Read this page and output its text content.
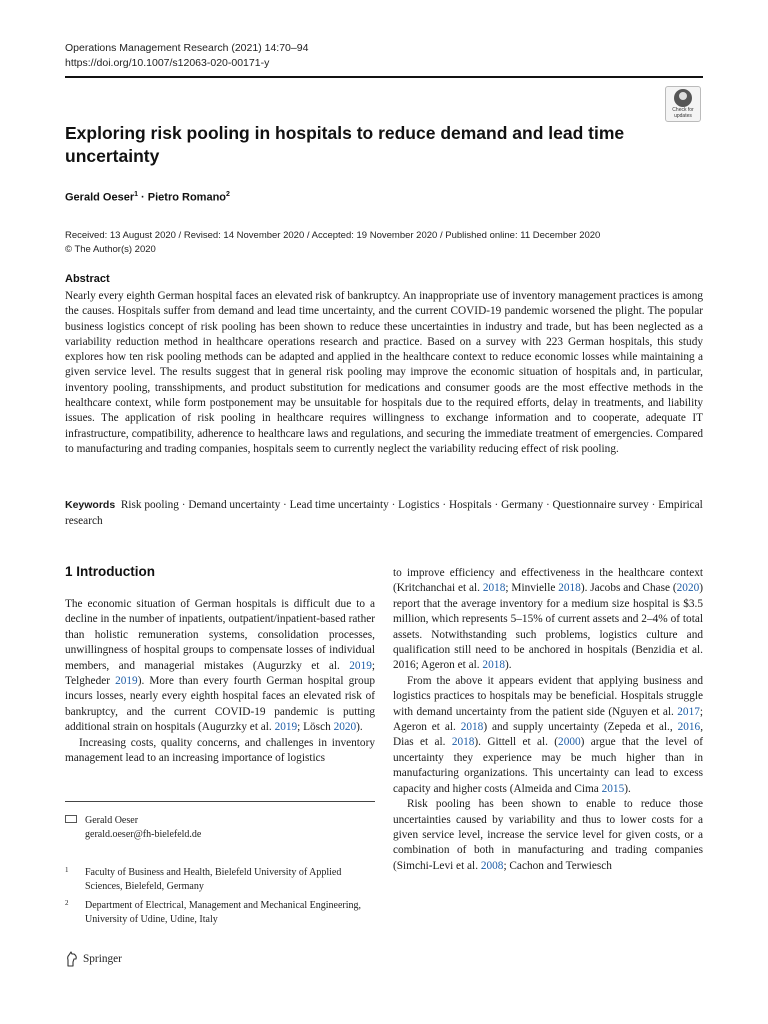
Operations Management Research (2021) 14:70–94
https://doi.org/10.1007/s12063-020-00171-y
Check for
updates
Exploring risk pooling in hospitals to reduce demand and lead time uncertainty
Gerald Oeser$^1$ · Pietro Romano$^2$
Received: 13 August 2020 / Revised: 14 November 2020 / Accepted: 19 November 2020 / Published online: 11 December 2020
© The Author(s) 2020
Abstract

Nearly every eighth German hospital faces an elevated risk of bankruptcy. An inappropriate use of inventory management practices is among the causes. Hospitals suffer from demand and lead time uncertainty, and the current COVID-19 pandemic worsened the plight. The popular business logistics concept of risk pooling has been shown to reduce these uncertainties in industry and trade, but has been neglected as a variability reduction method in healthcare operations research and practice. Based on a survey with 223 German hospitals, this study explores how ten risk pooling methods can be adapted and applied in the healthcare context to reduce economic losses while maintaining a given service level. The results suggest that in general risk pooling may improve the economic situation of hospitals and, in particular, inventory pooling, transshipments, and product substitution for medications and consumer goods are the most effective methods in the healthcare context, while form postponement may be unsuitable for hospitals due to the required efforts, delay in treatments, and liability issues. The application of risk pooling in healthcare requires willingness to exchange information and to cooperate, adequate IT infrastructure, compatibility, adherence to healthcare laws and regulations, and securing the immediate treatment of emergencies. Compared to manufacturing and trading companies, hospitals seem to currently neglect the variability reducing effect of risk pooling.

Keywords Risk pooling · Demand uncertainty · Lead time uncertainty · Logistics · Hospitals · Germany · Questionnaire survey · Empirical research
1 Introduction

The economic situation of German hospitals is difficult due to a decline in the number of inpatients, outpatient/inpatient-based rather than holistic remuneration systems, consolidation processes, unwillingness of hospital groups to compensate losses of individual members, and managerial mistakes (Augurzky et al. 2019; Telgheder 2019). More than every fourth German hospital group incurs losses, nearly every eighth hospital faces an elevated risk of bankruptcy, and the current COVID-19 pandemic is putting additional strain on hospitals (Augurzky et al. 2019; Lösch 2020).

Increasing costs, quality concerns, and challenges in inventory management lead to an increasing importance of logistics

to improve efficiency and effectiveness in the healthcare context (Kritchanchai et al. 2018; Minvielle 2018). Jacobs and Chase (2020) report that the average inventory for a medium size hospital is $3.5 million, which represents 5–15% of current assets and 2–4% of total assets. Notwithstanding such problems, logistics culture and qualification still need to be anchored in hospitals (Benzidia et al. 2016; Ageron et al. 2018).

From the above it appears evident that applying business and logistics practices to hospitals may be beneficial. Hospitals struggle with demand uncertainty from the patient side (Nguyen et al. 2017; Ageron et al. 2018) and supply uncertainty (Zepeda et al., 2016, Dias et al. 2018). Gittell et al. (2000) argue that the level of uncertainty they experience may be much higher than in manufacturing organizations. This uncertainty can lead to excess capacity and higher costs (Almeida and Cima 2015).

Risk pooling has been shown to enable to reduce those uncertainties caused by variability and thus to lower costs for a given service level, increase the service level for given costs, or a combination of both in manufacturing and trading companies (Simchi-Levi et al. 2008; Cachon and Terwiesch

Gerald Oeser
gerald.oeser@fh-bielefeld.de
1	Faculty of Business and Health, Bielefeld University of Applied Sciences, Bielefeld, Germany
2	Department of Electrical, Management and Mechanical Engineering, University of Udine, Udine, Italy
Springer
